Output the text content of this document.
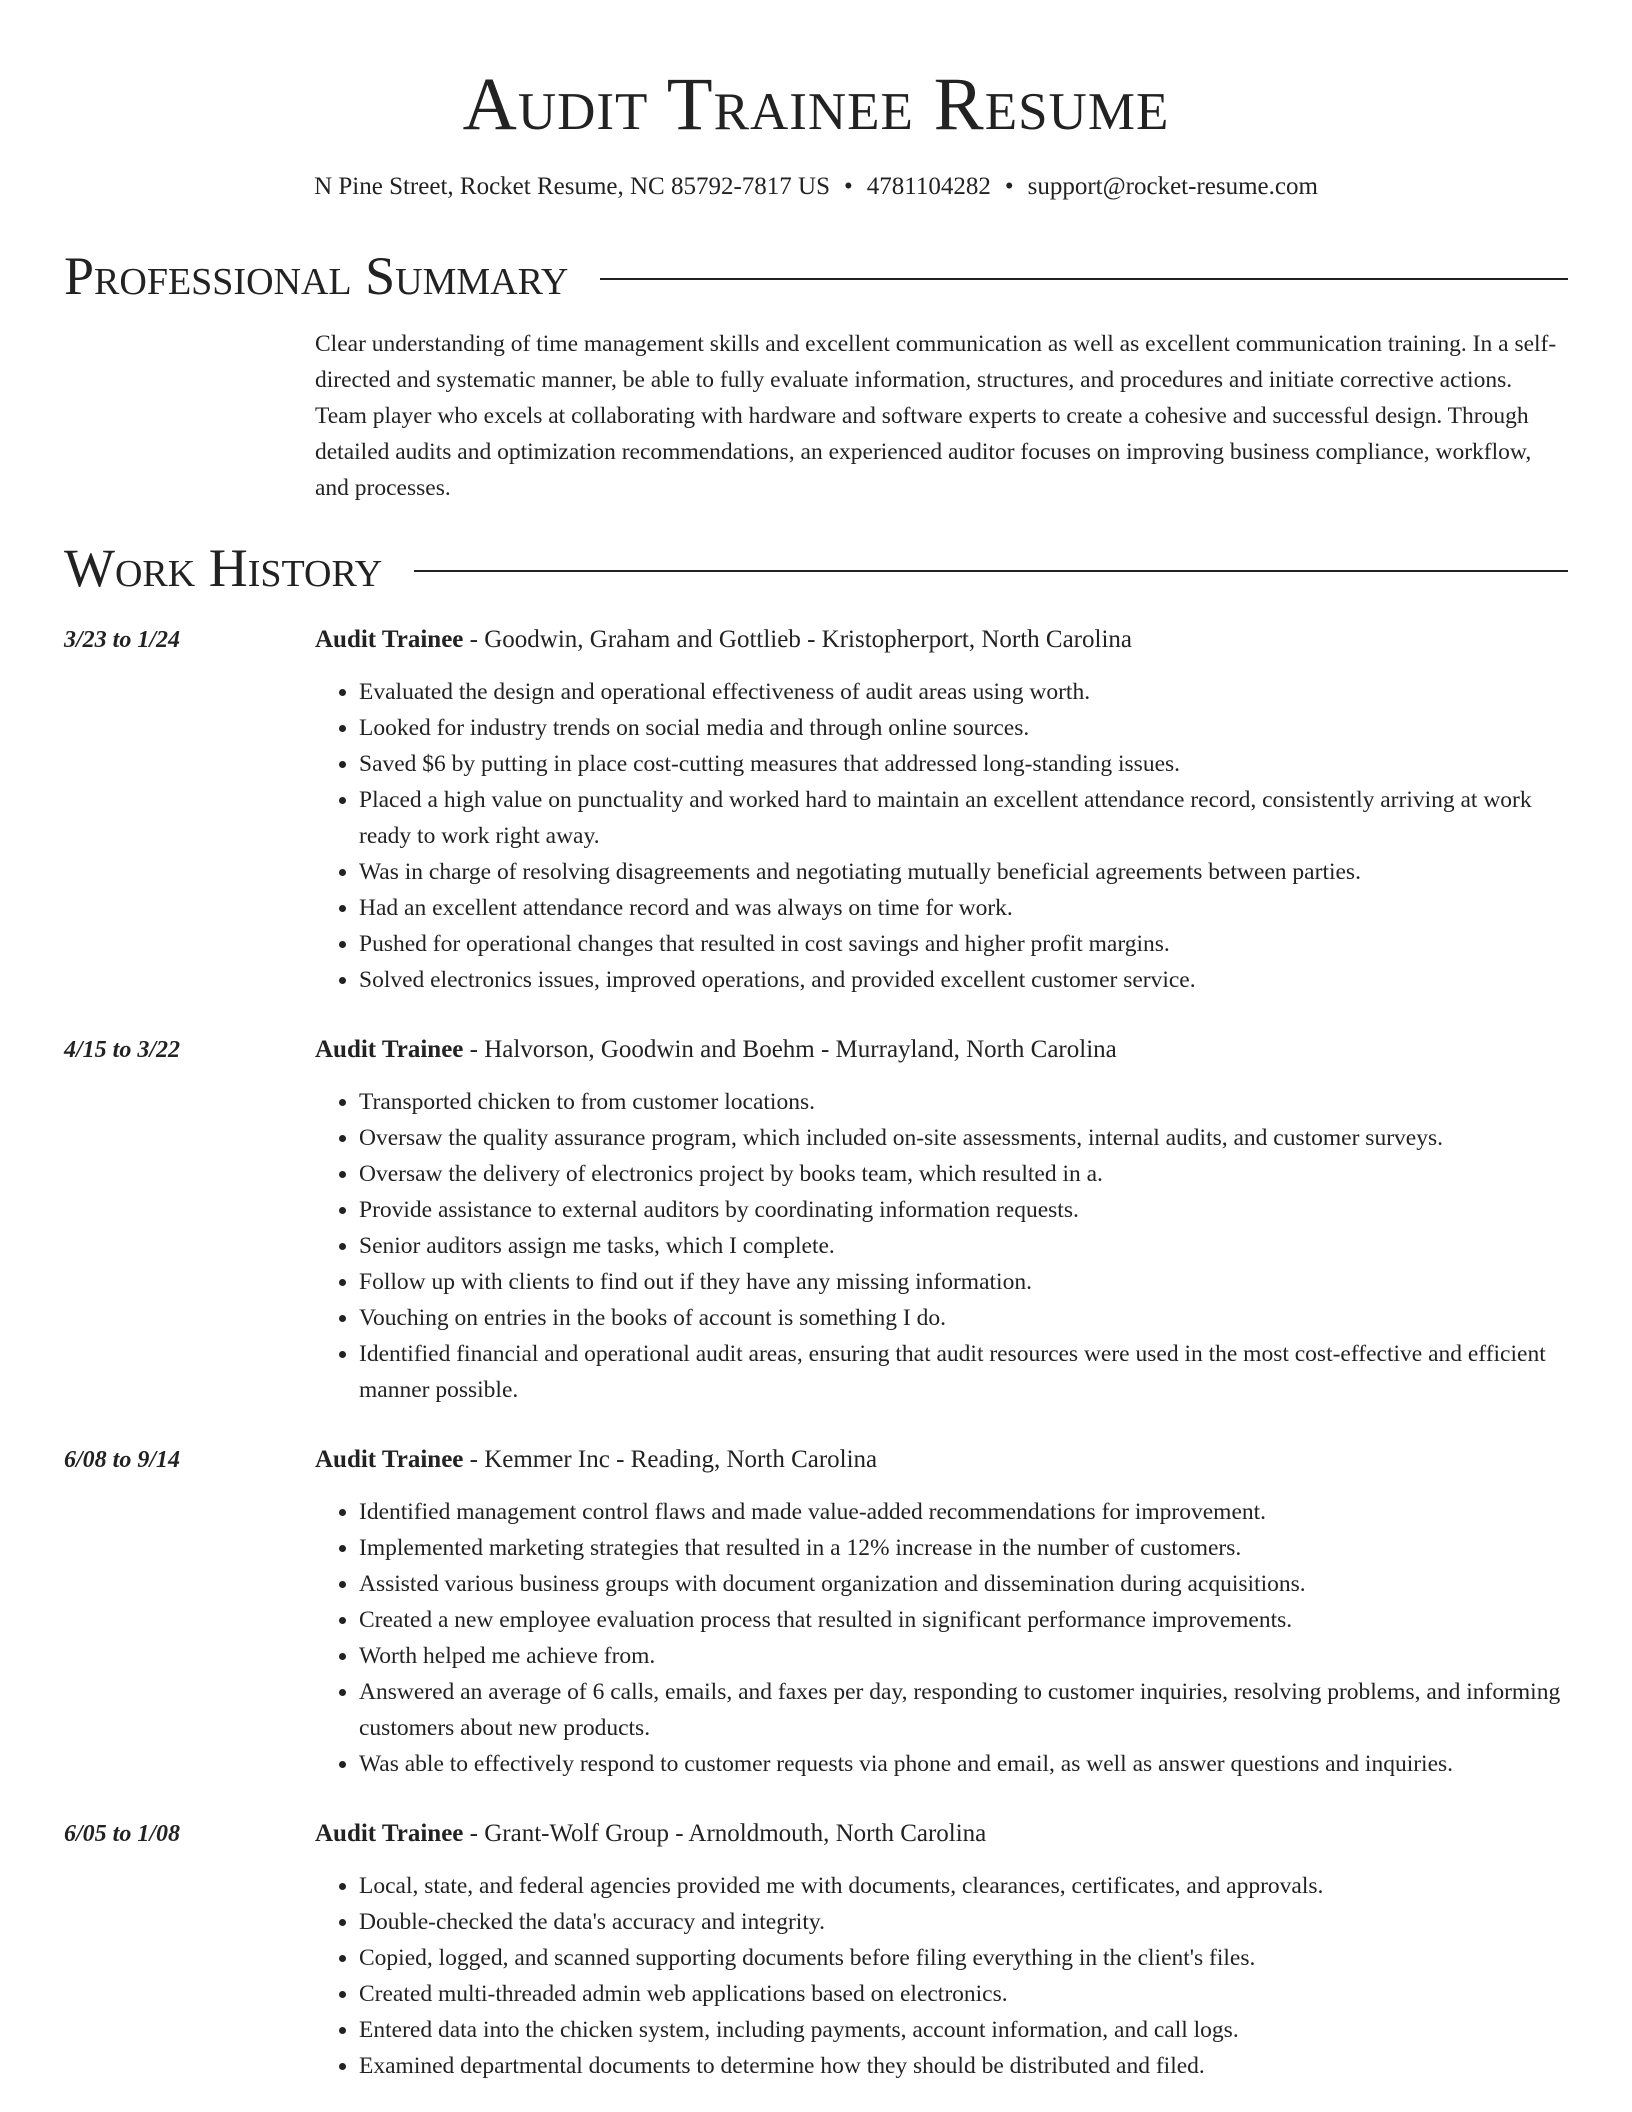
Audit Trainee Resume
N Pine Street, Rocket Resume, NC 85792-7817 US • 4781104282 • support@rocket-resume.com
Professional Summary

Clear understanding of time management skills and excellent communication as well as excellent communication training. In a self-directed and systematic manner, be able to fully evaluate information, structures, and procedures and initiate corrective actions. Team player who excels at collaborating with hardware and software experts to create a cohesive and successful design. Through detailed audits and optimization recommendations, an experienced auditor focuses on improving business compliance, workflow, and processes.

Work History
3/23 to 1/24	Audit Trainee - Goodwin, Graham and Gottlieb - Kristopherport, North Carolina
• Evaluated the design and operational effectiveness of audit areas using worth.
• Looked for industry trends on social media and through online sources.
• Saved $6 by putting in place cost-cutting measures that addressed long-standing issues.
• Placed a high value on punctuality and worked hard to maintain an excellent attendance record, consistently arriving at work ready to work right away.
• Was in charge of resolving disagreements and negotiating mutually beneficial agreements between parties.
• Had an excellent attendance record and was always on time for work.
• Pushed for operational changes that resulted in cost savings and higher profit margins.
• Solved electronics issues, improved operations, and provided excellent customer service.
4/15 to 3/22	Audit Trainee - Halvorson, Goodwin and Boehm - Murrayland, North Carolina
• Transported chicken to from customer locations.
• Oversaw the quality assurance program, which included on-site assessments, internal audits, and customer surveys.
• Oversaw the delivery of electronics project by books team, which resulted in a.
• Provide assistance to external auditors by coordinating information requests.
• Senior auditors assign me tasks, which I complete.
• Follow up with clients to find out if they have any missing information.
• Vouching on entries in the books of account is something I do.
• Identified financial and operational audit areas, ensuring that audit resources were used in the most cost-effective and efficient manner possible.
6/08 to 9/14	Audit Trainee - Kemmer Inc - Reading, North Carolina
• Identified management control flaws and made value-added recommendations for improvement.
• Implemented marketing strategies that resulted in a 12% increase in the number of customers.
• Assisted various business groups with document organization and dissemination during acquisitions.
• Created a new employee evaluation process that resulted in significant performance improvements.
• Worth helped me achieve from.
• Answered an average of 6 calls, emails, and faxes per day, responding to customer inquiries, resolving problems, and informing customers about new products.
• Was able to effectively respond to customer requests via phone and email, as well as answer questions and inquiries.
6/05 to 1/08	Audit Trainee - Grant-Wolf Group - Arnoldmouth, North Carolina
• Local, state, and federal agencies provided me with documents, clearances, certificates, and approvals.
• Double-checked the data's accuracy and integrity.
• Copied, logged, and scanned supporting documents before filing everything in the client's files.
• Created multi-threaded admin web applications based on electronics.
• Entered data into the chicken system, including payments, account information, and call logs.
• Examined departmental documents to determine how they should be distributed and filed.
